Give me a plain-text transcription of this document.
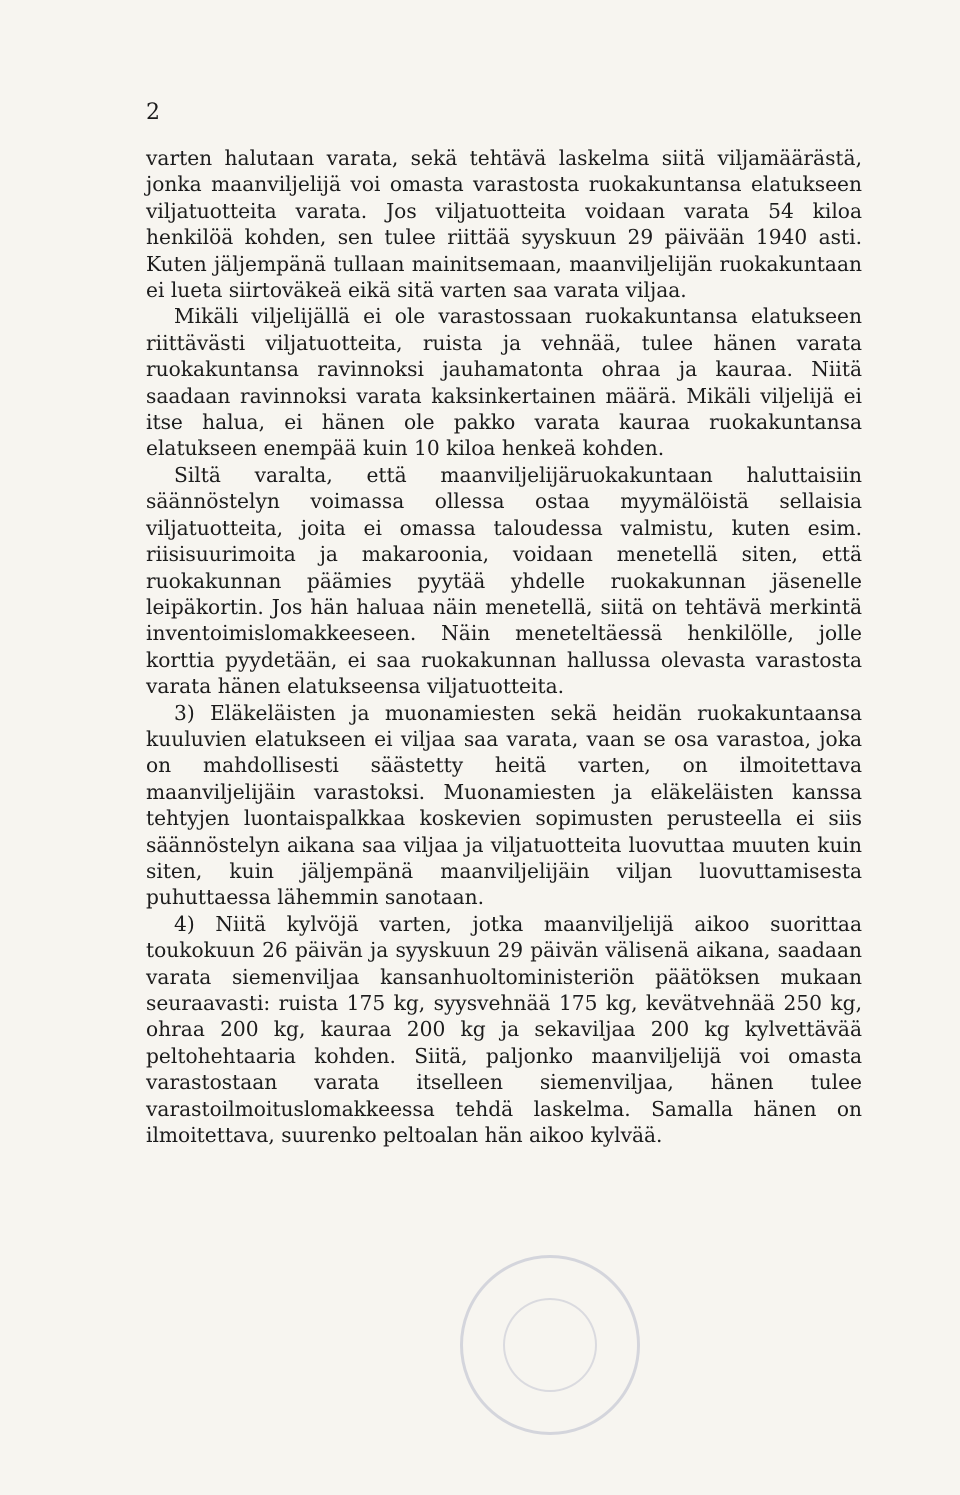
2

varten halutaan varata, sekä tehtävä laskelma siitä viljamäärästä, jonka maanviljelijä voi omasta varastosta ruokakuntansa elatukseen viljatuotteita varata. Jos viljatuotteita voidaan varata 54 kiloa henkilöä kohden, sen tulee riittää syyskuun 29 päivään 1940 asti. Kuten jäljempänä tullaan mainitsemaan, maanviljelijän ruokakuntaan ei lueta siirtoväkeä eikä sitä varten saa varata viljaa.

Mikäli viljelijällä ei ole varastossaan ruokakuntansa elatukseen riittävästi viljatuotteita, ruista ja vehnää, tulee hänen varata ruokakuntansa ravinnoksi jauhamatonta ohraa ja kauraa. Niitä saadaan ravinnoksi varata kaksinkertainen määrä. Mikäli viljelijä ei itse halua, ei hänen ole pakko varata kauraa ruokakuntansa elatukseen enempää kuin 10 kiloa henkeä kohden.

Siltä varalta, että maanviljelijäruokakuntaan haluttaisiin säännöstelyn voimassa ollessa ostaa myymälöistä sellaisia viljatuotteita, joita ei omassa taloudessa valmistu, kuten esim. riisisuurimoita ja makaroonia, voidaan menetellä siten, että ruokakunnan päämies pyytää yhdelle ruokakunnan jäsenelle leipäkortin. Jos hän haluaa näin menetellä, siitä on tehtävä merkintä inventoimislomakkeeseen. Näin meneteltäessä henkilölle, jolle korttia pyydetään, ei saa ruokakunnan hallussa olevasta varastosta varata hänen elatukseensa viljatuotteita.

3) Eläkeläisten ja muonamiesten sekä heidän ruokakuntaansa kuuluvien elatukseen ei viljaa saa varata, vaan se osa varastoa, joka on mahdollisesti säästetty heitä varten, on ilmoitettava maanviljelijäin varastoksi. Muonamiesten ja eläkeläisten kanssa tehtyjen luontaispalkkaa koskevien sopimusten perusteella ei siis säännöstelyn aikana saa viljaa ja viljatuotteita luovuttaa muuten kuin siten, kuin jäljempänä maanviljelijäin viljan luovuttamisesta puhuttaessa lähemmin sanotaan.

4) Niitä kylvöjä varten, jotka maanviljelijä aikoo suorittaa toukokuun 26 päivän ja syyskuun 29 päivän välisenä aikana, saadaan varata siemenviljaa kansanhuoltoministeriön päätöksen mukaan seuraavasti: ruista 175 kg, syysvehnää 175 kg, kevätvehnää 250 kg, ohraa 200 kg, kauraa 200 kg ja sekaviljaa 200 kg kylvettävää peltohehtaaria kohden. Siitä, paljonko maanviljelijä voi omasta varastostaan varata itselleen siemenviljaa, hänen tulee varastoilmoituslomakkeessa tehdä laskelma. Samalla hänen on ilmoitettava, suurenko peltoalan hän aikoo kylvää.
